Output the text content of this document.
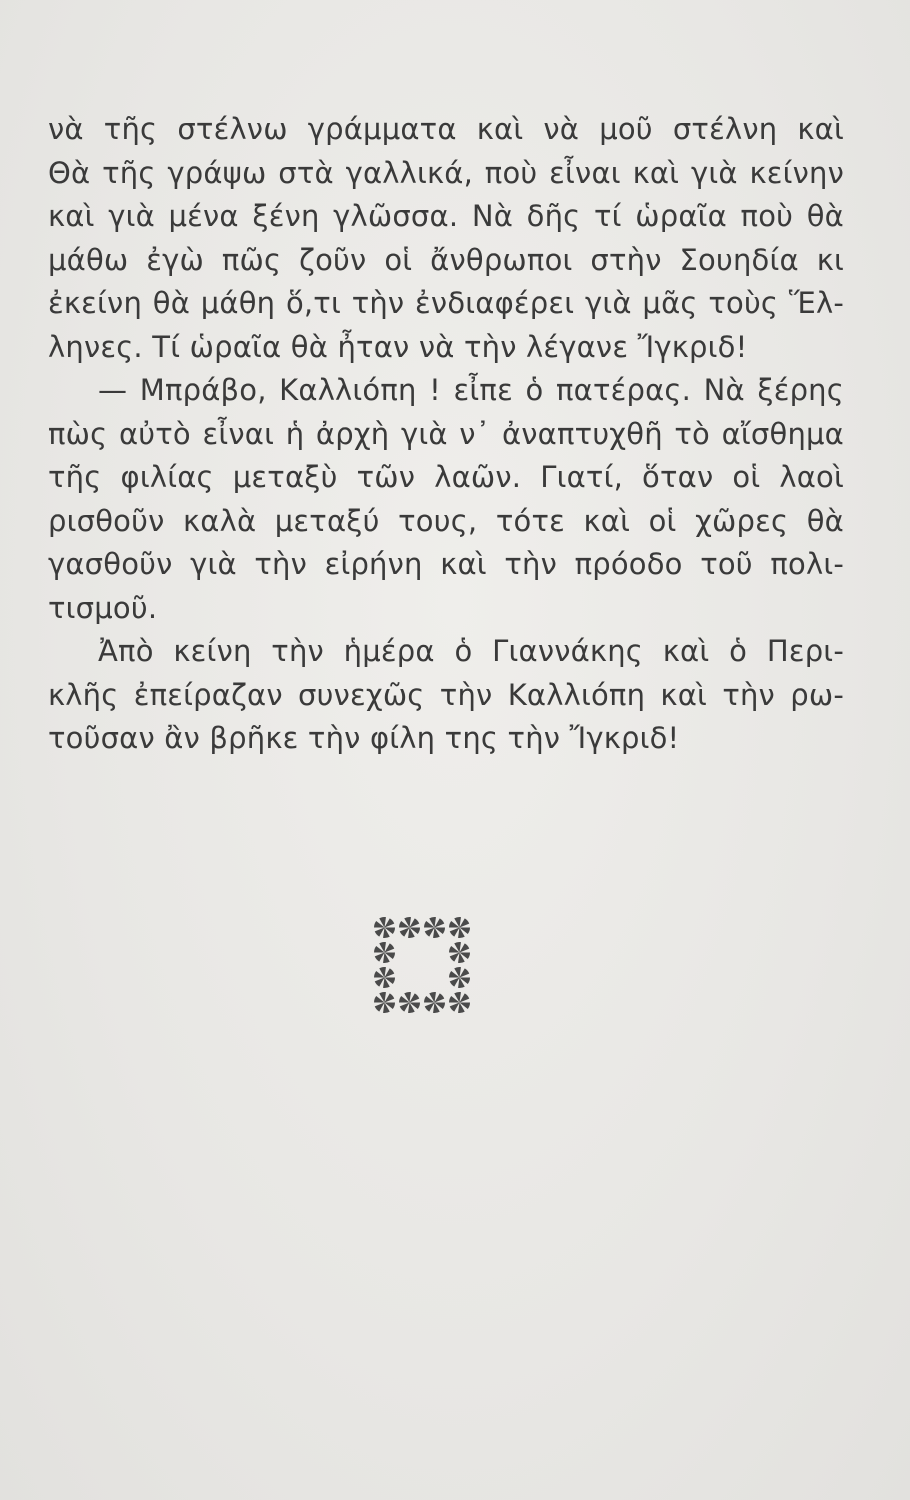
νὰ τῆς στέλνω γράμματα καὶ νὰ μοῦ στέλνη καὶ
Θὰ τῆς γράψω στὰ γαλλικά, ποὺ εἶναι καὶ γιὰ κείνην
καὶ γιὰ μένα ξένη γλῶσσα. Νὰ δῆς τί ὡραῖα ποὺ θὰ
μάθω ἐγὼ πῶς ζοῦν οἱ ἄνθρωποι στὴν Σουηδία κι
ἐκείνη θὰ μάθη ὅ,τι τὴν ἐνδιαφέρει γιὰ μᾶς τοὺς Ἕλ-
ληνες. Τί ὡραῖα θὰ ἦταν νὰ τὴν λέγανε Ἴγκριδ!
— Μπράβο, Καλλιόπη ! εἶπε ὁ πατέρας. Νὰ ξέρης
πὼς αὐτὸ εἶναι ἡ ἀρχὴ γιὰ ν᾽ ἀναπτυχθῆ τὸ αἴσθημα
τῆς φιλίας μεταξὺ τῶν λαῶν. Γιατί, ὅταν οἱ λαοὶ
ρισθοῦν καλὰ μεταξύ τους, τότε καὶ οἱ χῶρες θὰ
γασθοῦν γιὰ τὴν εἰρήνη καὶ τὴν πρόοδο τοῦ πολι-
τισμοῦ.
Ἀπὸ κείνη τὴν ἡμέρα ὁ Γιαννάκης καὶ ὁ Περι-
κλῆς ἐπείραζαν συνεχῶς τὴν Καλλιόπη καὶ τὴν ρω-
τοῦσαν ἂν βρῆκε τὴν φίλη της τὴν Ἴγκριδ!
